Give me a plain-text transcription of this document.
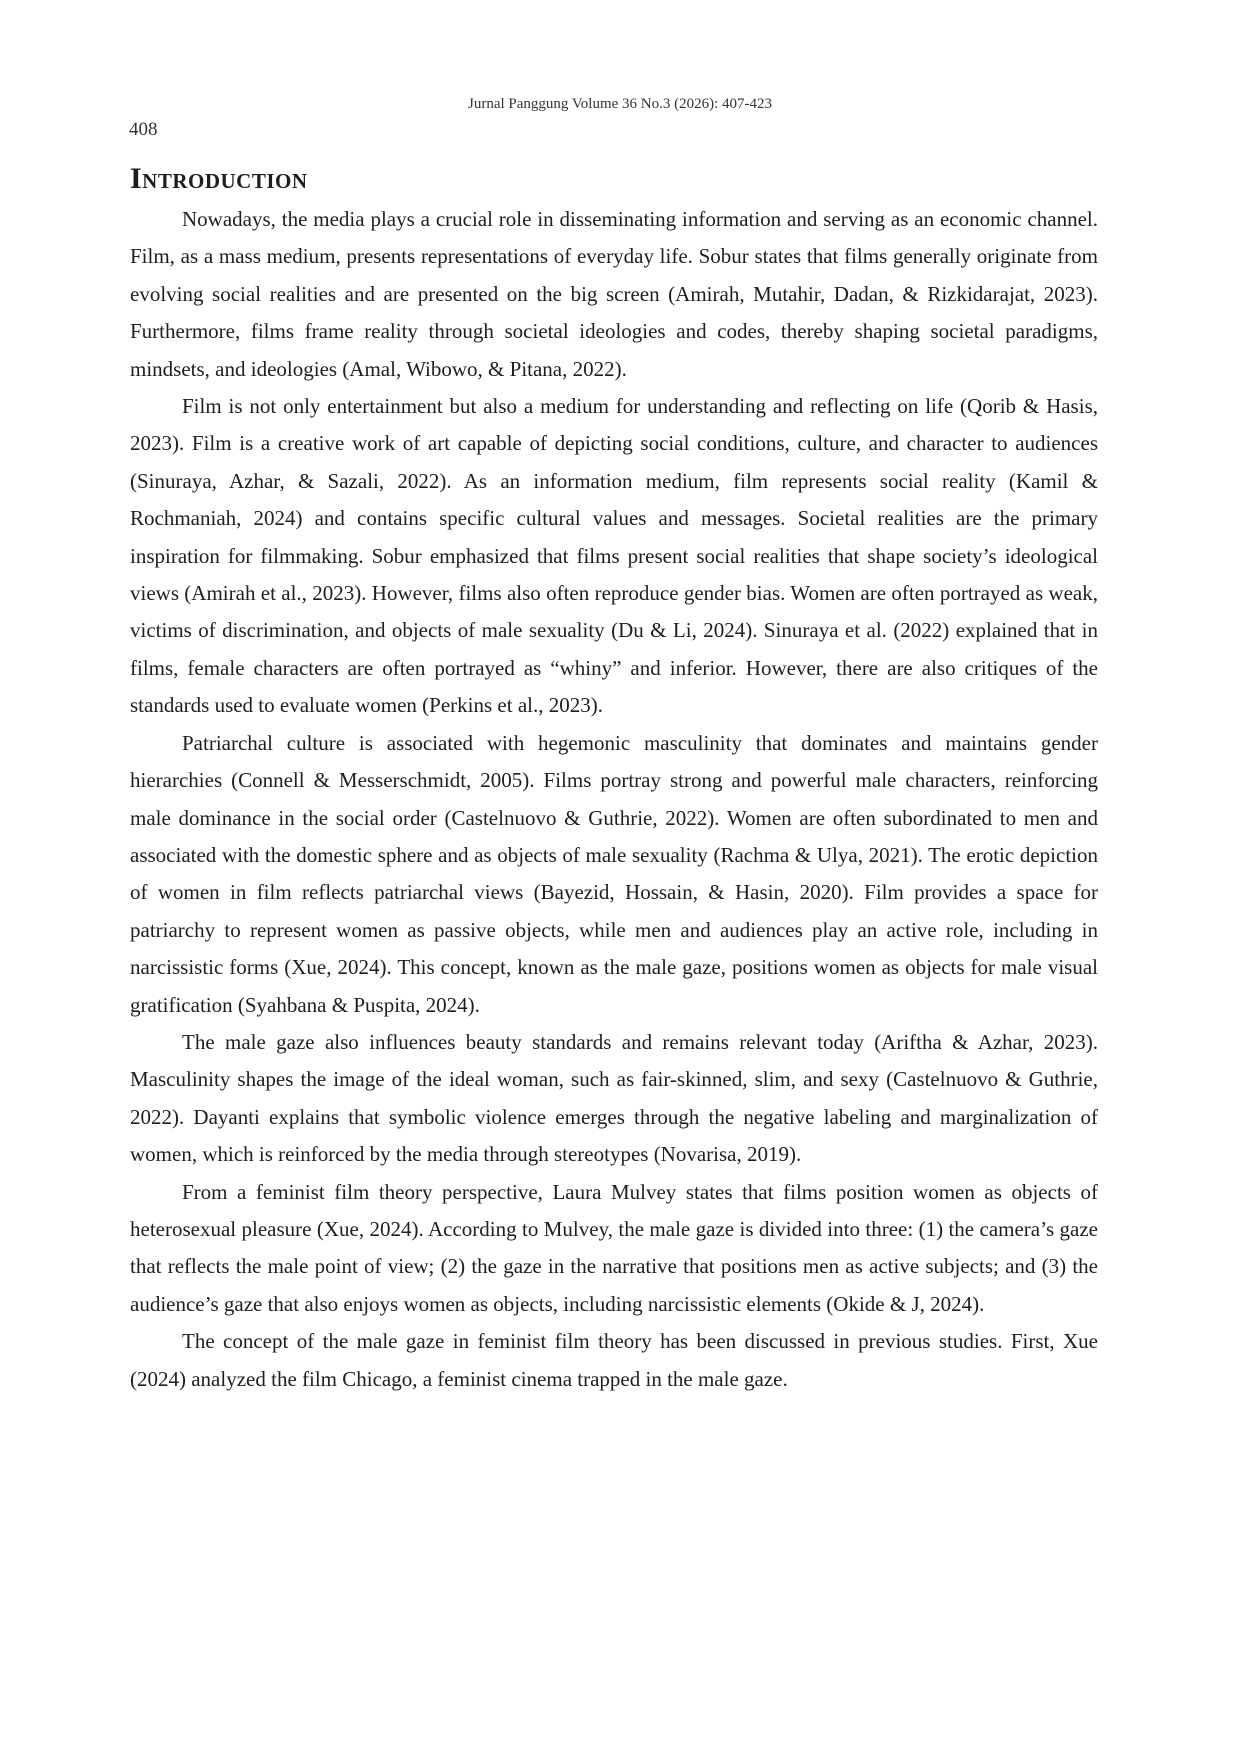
Jurnal Panggung Volume 36 No.3 (2026): 407-423
408
Introduction

Nowadays, the media plays a crucial role in disseminating information and serving as an economic channel. Film, as a mass medium, presents representations of everyday life. Sobur states that films generally originate from evolving social realities and are presented on the big screen (Amirah, Mutahir, Dadan, & Rizkidarajat, 2023). Furthermore, films frame reality through societal ideologies and codes, thereby shaping societal paradigms, mindsets, and ideologies (Amal, Wibowo, & Pitana, 2022).

Film is not only entertainment but also a medium for understanding and reflecting on life (Qorib & Hasis, 2023). Film is a creative work of art capable of depicting social conditions, culture, and character to audiences (Sinuraya, Azhar, & Sazali, 2022). As an information medium, film represents social reality (Kamil & Rochmaniah, 2024) and contains specific cultural values and messages. Societal realities are the primary inspiration for filmmaking. Sobur emphasized that films present social realities that shape society’s ideological views (Amirah et al., 2023). However, films also often reproduce gender bias. Women are often portrayed as weak, victims of discrimination, and objects of male sexuality (Du & Li, 2024). Sinuraya et al. (2022) explained that in films, female characters are often portrayed as “whiny” and inferior. However, there are also critiques of the standards used to evaluate women (Perkins et al., 2023).

Patriarchal culture is associated with hegemonic masculinity that dominates and maintains gender hierarchies (Connell & Messerschmidt, 2005). Films portray strong and powerful male characters, reinforcing male dominance in the social order (Castelnuovo & Guthrie, 2022). Women are often subordinated to men and associated with the domestic sphere and as objects of male sexuality (Rachma & Ulya, 2021). The erotic depiction of women in film reflects patriarchal views (Bayezid, Hossain, & Hasin, 2020). Film provides a space for patriarchy to represent women as passive objects, while men and audiences play an active role, including in narcissistic forms (Xue, 2024). This concept, known as the male gaze, positions women as objects for male visual gratification (Syahbana & Puspita, 2024).

The male gaze also influences beauty standards and remains relevant today (Ariftha & Azhar, 2023). Masculinity shapes the image of the ideal woman, such as fair-skinned, slim, and sexy (Castelnuovo & Guthrie, 2022). Dayanti explains that symbolic violence emerges through the negative labeling and marginalization of women, which is reinforced by the media through stereotypes (Novarisa, 2019).

From a feminist film theory perspective, Laura Mulvey states that films position women as objects of heterosexual pleasure (Xue, 2024). According to Mulvey, the male gaze is divided into three: (1) the camera’s gaze that reflects the male point of view; (2) the gaze in the narrative that positions men as active subjects; and (3) the audience’s gaze that also enjoys women as objects, including narcissistic elements (Okide & J, 2024).

The concept of the male gaze in feminist film theory has been discussed in previous studies. First, Xue (2024) analyzed the film Chicago, a feminist cinema trapped in the male gaze.
